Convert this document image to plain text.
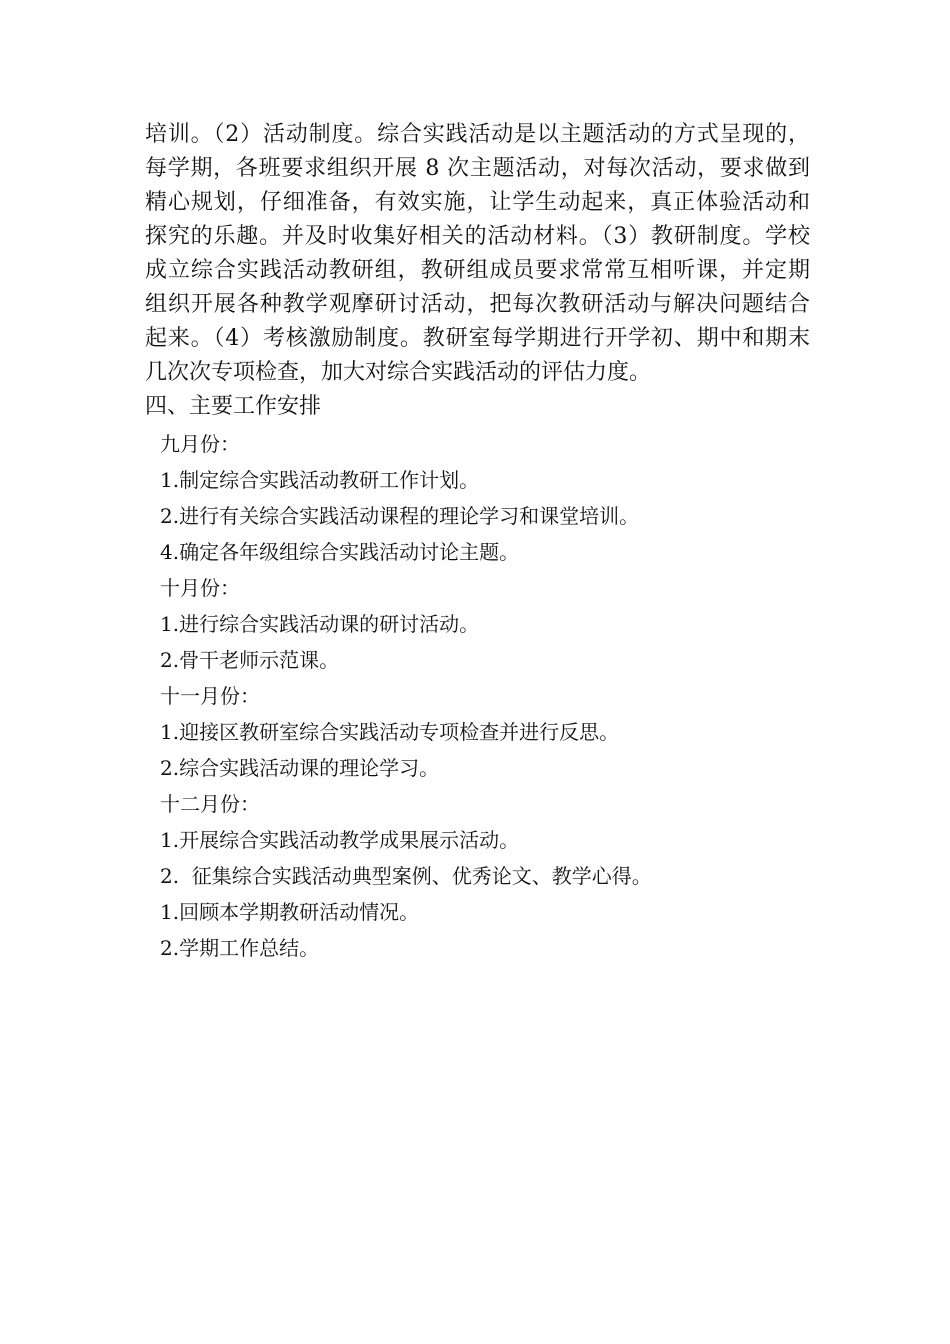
培训。（2）活动制度。综合实践活动是以主题活动的方式呈现的，
每学期，各班要求组织开展 8 次主题活动，对每次活动，要求做到
精心规划，仔细准备，有效实施，让学生动起来，真正体验活动和
探究的乐趣。并及时收集好相关的活动材料。（3）教研制度。学校
成立综合实践活动教研组，教研组成员要求常常互相听课，并定期
组织开展各种教学观摩研讨活动，把每次教研活动与解决问题结合
起来。（4）考核激励制度。教研室每学期进行开学初、期中和期末
几次次专项检查，加大对综合实践活动的评估力度。
四、主要工作安排
九月份：
1.制定综合实践活动教研工作计划。
2.进行有关综合实践活动课程的理论学习和课堂培训。
4.确定各年级组综合实践活动讨论主题。
十月份：
1.进行综合实践活动课的研讨活动。
2.骨干老师示范课。
十一月份：
1.迎接区教研室综合实践活动专项检查并进行反思。
2.综合实践活动课的理论学习。
十二月份：
1.开展综合实践活动教学成果展示活动。
2.  征集综合实践活动典型案例、优秀论文、教学心得。
1.回顾本学期教研活动情况。
2.学期工作总结。
